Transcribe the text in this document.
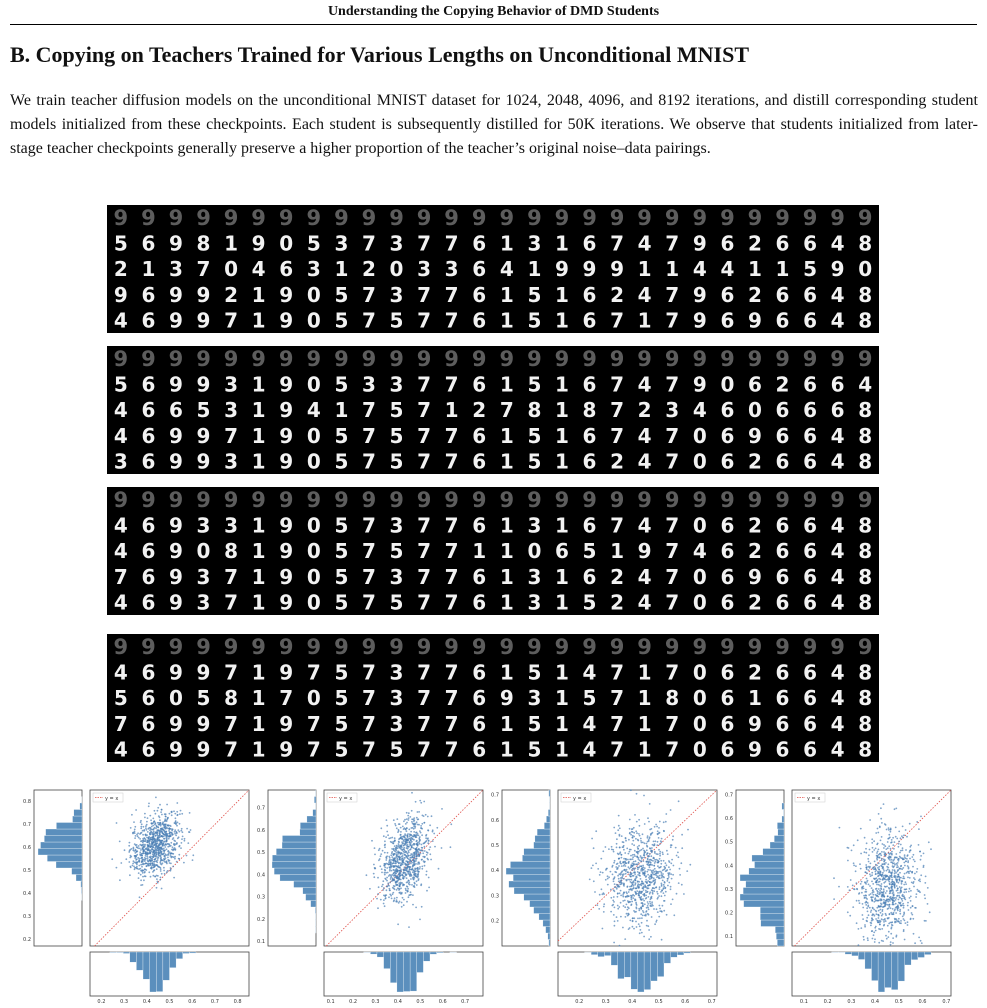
Understanding the Copying Behavior of DMD Students
B. Copying on Teachers Trained for Various Lengths on Unconditional MNIST
We train teacher diffusion models on the unconditional MNIST dataset for 1024, 2048, 4096, and 8192 iterations, and distill corresponding student models initialized from these checkpoints. Each student is subsequently distilled for 50K iterations. We observe that students initialized from later-stage teacher checkpoints generally preserve a higher proportion of the teacher’s original noise–data pairings.
9 9 9 9 9 9 9 9 9 9 9 9 9 9 9 9 9 9 9 9 9 9 9 9 9 9 9 9
5 6 9 8 1 9 0 5 3 7 3 7 7 6 1 3 1 6 7 4 7 9 6 2 6 6 4 8
2 1 3 7 0 4 6 3 1 2 0 3 3 6 4 1 9 9 9 1 1 4 4 1 1 5 9 0
9 6 9 9 2 1 9 0 5 7 3 7 7 6 1 5 1 6 2 4 7 9 6 2 6 6 4 8
4 6 9 9 7 1 9 0 5 7 5 7 7 6 1 5 1 6 7 1 7 9 6 9 6 6 4 8
9 9 9 9 9 9 9 9 9 9 9 9 9 9 9 9 9 9 9 9 9 9 9 9 9 9 9 9
5 6 9 9 3 1 9 0 5 3 3 7 7 6 1 5 1 6 7 4 7 9 0 6 2 6 6 4
4 6 6 5 3 1 9 4 1 7 5 7 1 2 7 8 1 8 7 2 3 4 6 0 6 6 6 8
4 6 9 9 7 1 9 0 5 7 5 7 7 6 1 5 1 6 7 4 7 0 6 9 6 6 4 8
3 6 9 9 3 1 9 0 5 7 5 7 7 6 1 5 1 6 2 4 7 0 6 2 6 6 4 8
9 9 9 9 9 9 9 9 9 9 9 9 9 9 9 9 9 9 9 9 9 9 9 9 9 9 9 9
4 6 9 3 3 1 9 0 5 7 3 7 7 6 1 3 1 6 7 4 7 0 6 2 6 6 4 8
4 6 9 0 8 1 9 0 5 7 5 7 7 1 1 0 6 5 1 9 7 4 6 2 6 6 4 8
7 6 9 3 7 1 9 0 5 7 3 7 7 6 1 3 1 6 2 4 7 0 6 9 6 6 4 8
4 6 9 3 7 1 9 0 5 7 5 7 7 6 1 3 1 5 2 4 7 0 6 2 6 6 4 8
9 9 9 9 9 9 9 9 9 9 9 9 9 9 9 9 9 9 9 9 9 9 9 9 9 9 9 9
4 6 9 9 7 1 9 7 5 7 3 7 7 6 1 5 1 4 7 1 7 0 6 2 6 6 4 8
5 6 0 5 8 1 7 0 5 7 3 7 7 6 9 3 1 5 7 1 8 0 6 1 6 6 4 8
7 6 9 9 7 1 9 7 5 7 3 7 7 6 1 5 1 4 7 1 7 0 6 9 6 6 4 8
4 6 9 9 7 1 9 7 5 7 5 7 7 6 1 5 1 4 7 1 7 0 6 9 6 6 4 8
y = x
0.2	0.3	0.4	0.5	0.6	0.7	0.8
0.2
0.3
0.4
0.5
0.6
0.7
0.8
y = x
0.1	0.2	0.3	0.4	0.5	0.6	0.7
0.1
0.2
0.3
0.4
0.5
0.6
0.7
y = x
0.2	0.3	0.4	0.5	0.6	0.7
0.2
0.3
0.4
0.5
0.6
0.7
y = x
0.1	0.2	0.3	0.4	0.5	0.6	0.7
0.1
0.2
0.3
0.4
0.5
0.6
0.7
